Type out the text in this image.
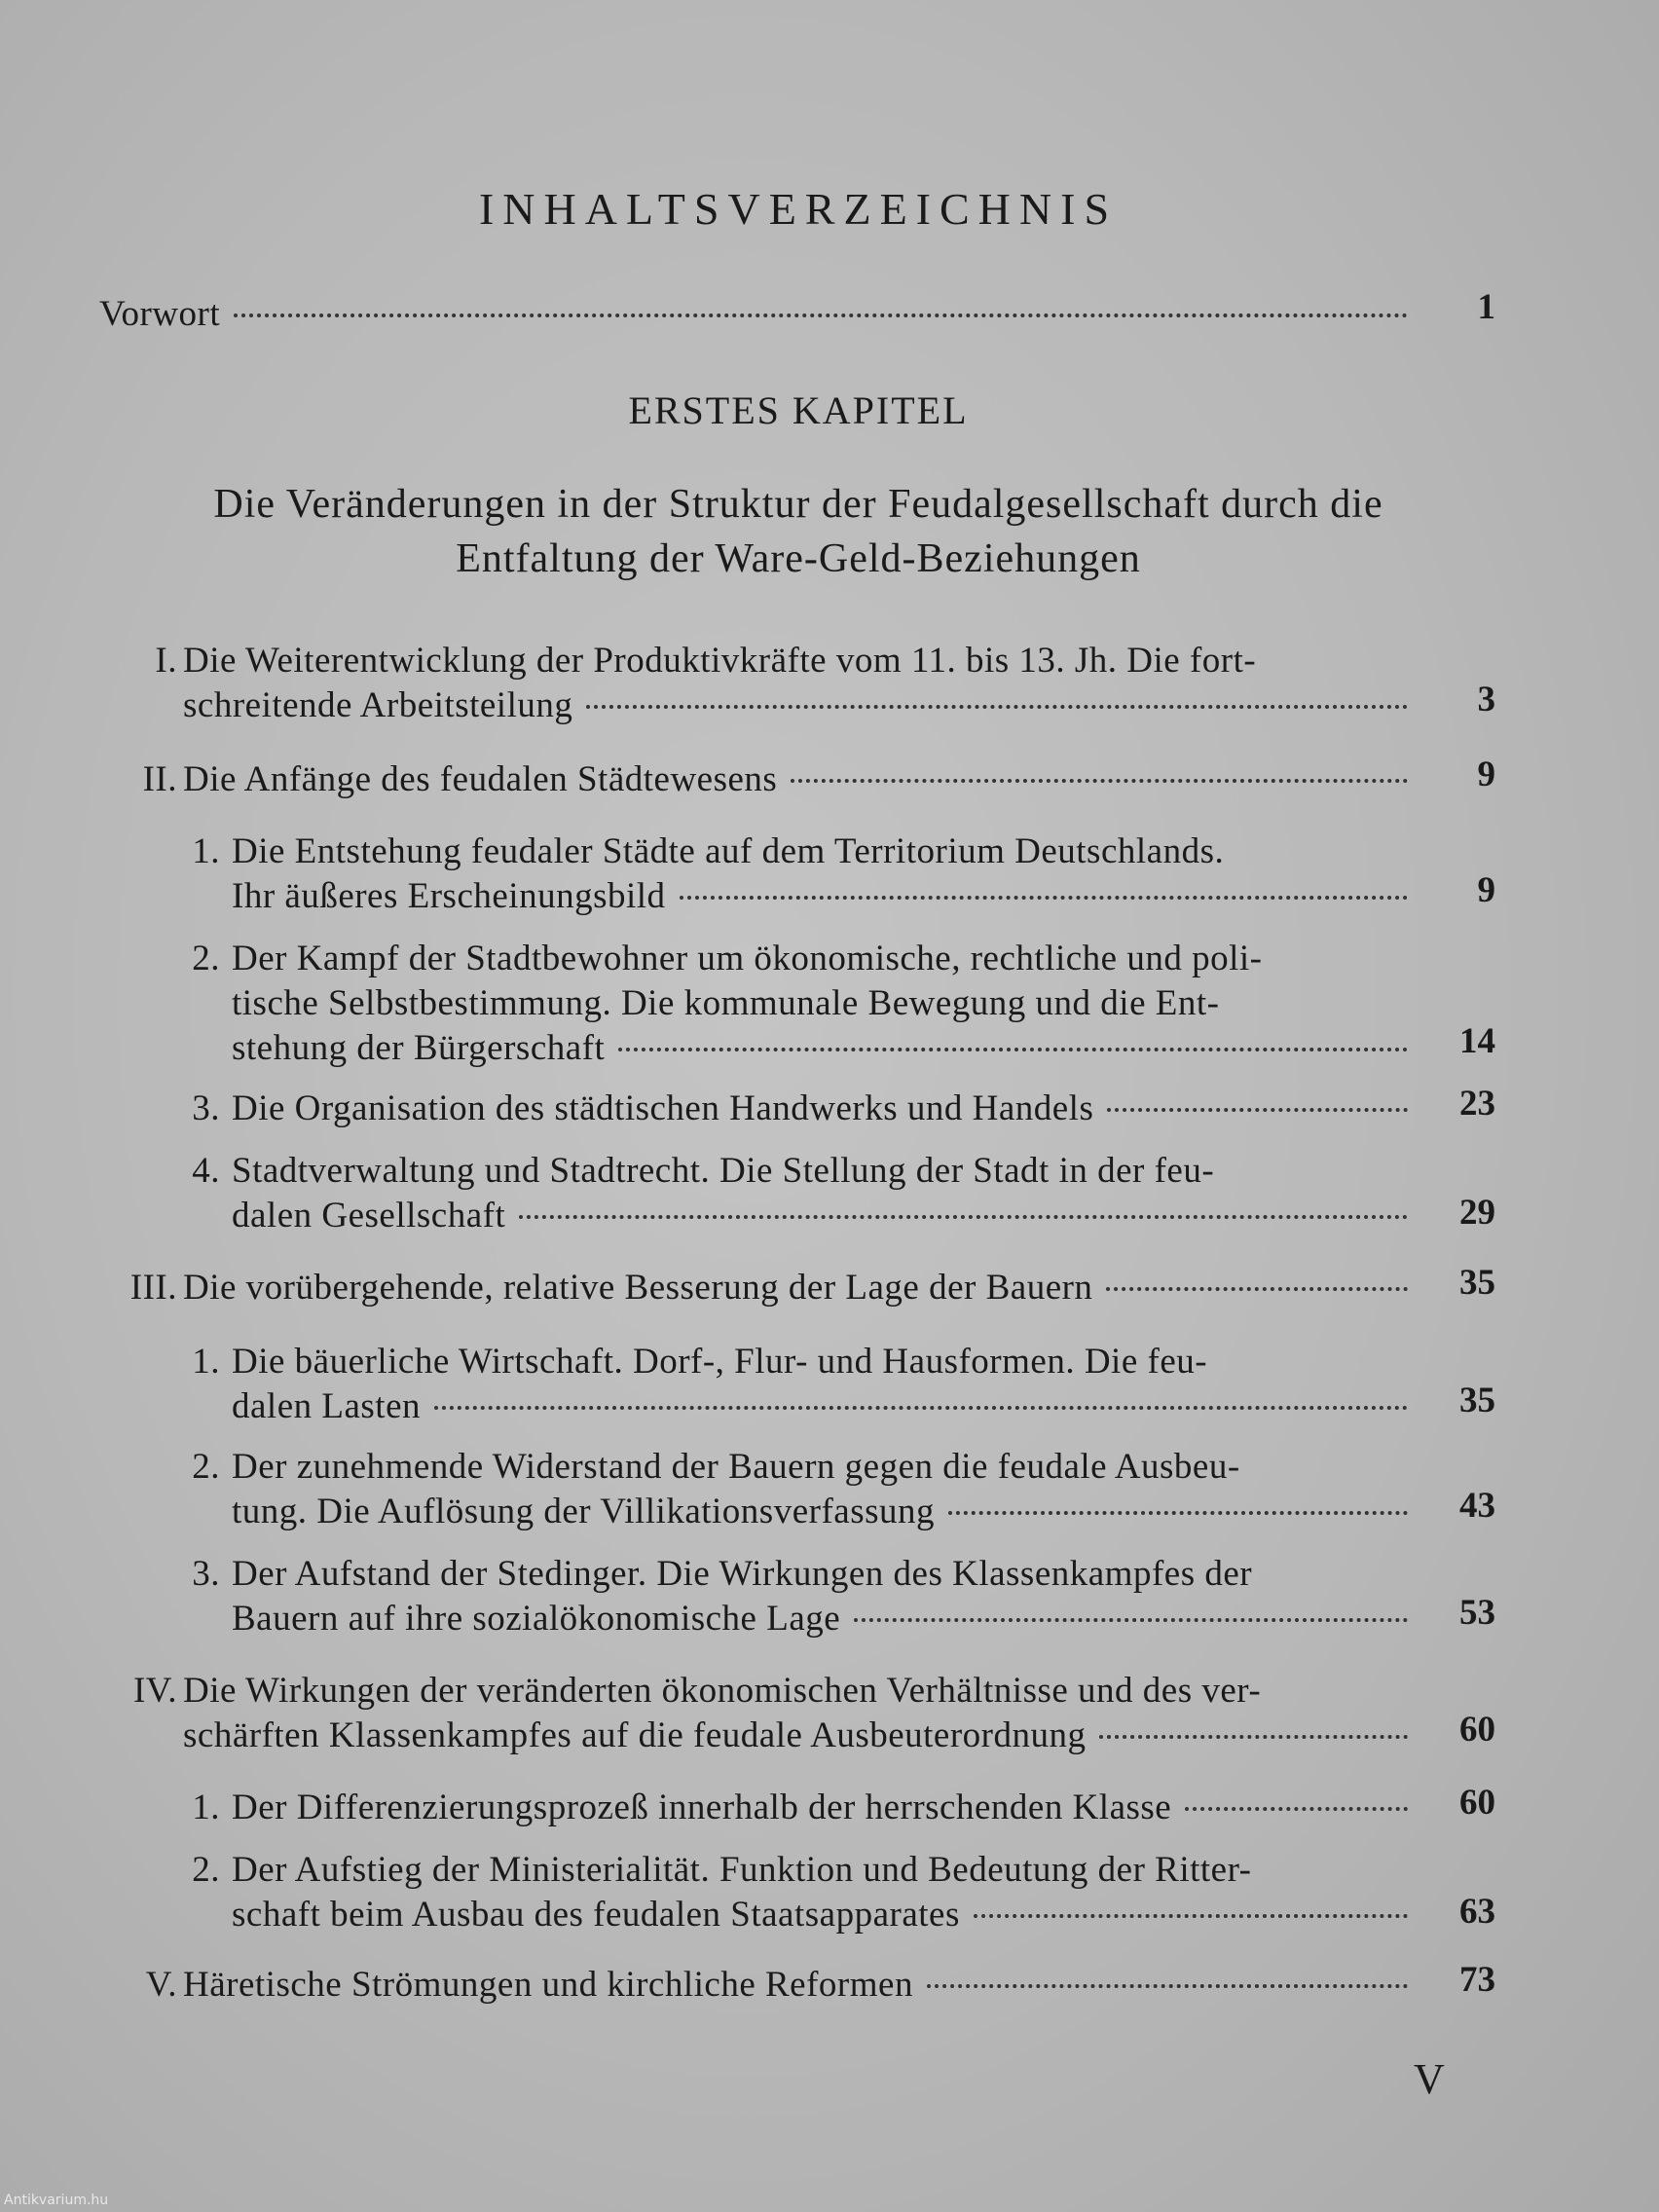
INHALTSVERZEICHNIS
Vorwort	1
ERSTES KAPITEL
Die Veränderungen in der Struktur der Feudalgesellschaft durch die
Entfaltung der Ware-Geld-Beziehungen
I. Die Weiterentwicklung der Produktivkräfte vom 11. bis 13. Jh. Die fort-
schreitende Arbeitsteilung	3
II. Die Anfänge des feudalen Städtewesens	9
1. Die Entstehung feudaler Städte auf dem Territorium Deutschlands.
Ihr äußeres Erscheinungsbild	9
2. Der Kampf der Stadtbewohner um ökonomische, rechtliche und poli-
tische Selbstbestimmung. Die kommunale Bewegung und die Ent-
stehung der Bürgerschaft	14
3. Die Organisation des städtischen Handwerks und Handels	23
4. Stadtverwaltung und Stadtrecht. Die Stellung der Stadt in der feu-
dalen Gesellschaft	29
III. Die vorübergehende, relative Besserung der Lage der Bauern	35
1. Die bäuerliche Wirtschaft. Dorf-, Flur- und Hausformen. Die feu-
dalen Lasten	35
2. Der zunehmende Widerstand der Bauern gegen die feudale Ausbeu-
tung. Die Auflösung der Villikationsverfassung	43
3. Der Aufstand der Stedinger. Die Wirkungen des Klassenkampfes der
Bauern auf ihre sozialökonomische Lage	53
IV. Die Wirkungen der veränderten ökonomischen Verhältnisse und des ver-
schärften Klassenkampfes auf die feudale Ausbeuterordnung	60
1. Der Differenzierungsprozeß innerhalb der herrschenden Klasse	60
2. Der Aufstieg der Ministerialität. Funktion und Bedeutung der Ritter-
schaft beim Ausbau des feudalen Staatsapparates	63
V. Häretische Strömungen und kirchliche Reformen	73
V
Antikvarium.hu
